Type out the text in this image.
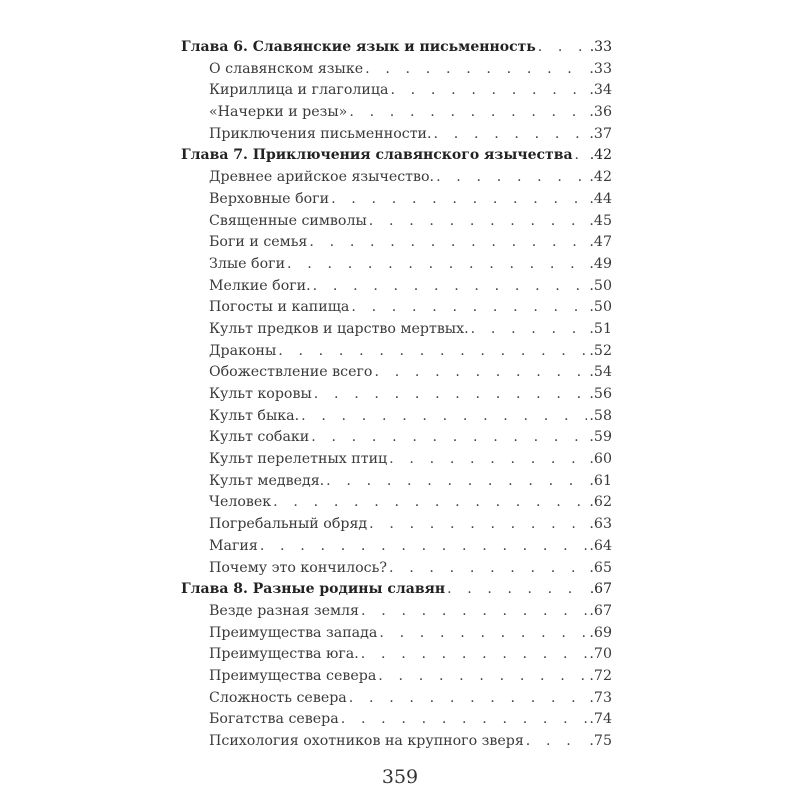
Глава 6. Славянские язык и письменность . . .	.33
О славянском языке . . .	.33
Кириллица и глаголица . . .	.34
«Начерки и резы» . . .	.36
Приключения письменности. . . .	.37
Глава 7. Приключения славянского язычества . . . .42
Древнее арийское язычество. . . .	.42
Верховные боги . . .	.44
Священные символы . . .	.45
Боги и семья . . .	.47
Злые боги . . .	.49
Мелкие боги. . . .	.50
Погосты и капища . . .	.50
Культ предков и царство мертвых. . . .	.51
Драконы . . .	.52
Обожествление всего . . .	.54
Культ коровы . . .	.56
Культ быка. . . .	.58
Культ собаки . . .	.59
Культ перелетных птиц . . .	.60
Культ медведя. . . .	.61
Человек . . .	.62
Погребальный обряд . . .	.63
Магия . . .	.64
Почему это кончилось? . . .	.65
Глава 8. Разные родины славян . . .	.67
Везде разная земля . . .	.67
Преимущества запада . . .	.69
Преимущества юга. . . .	.70
Преимущества севера . . .	.72
Сложность севера . . .	.73
Богатства севера . . .	.74
Психология охотников на крупного зверя . . .	.75
359
